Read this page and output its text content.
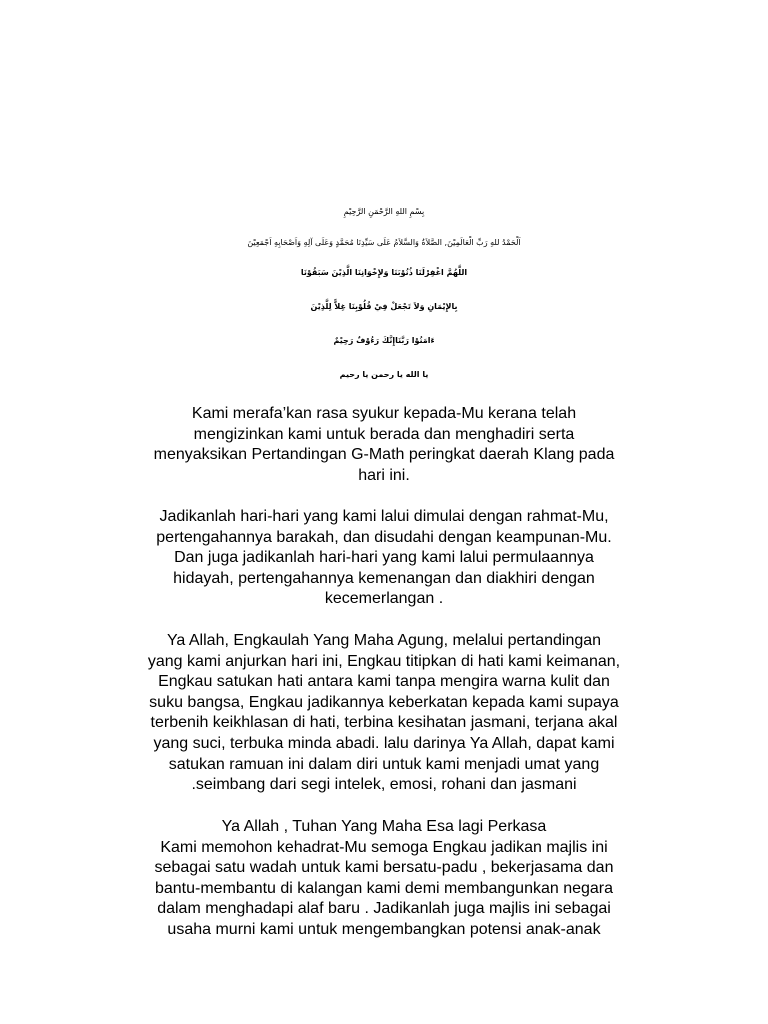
بِسْمِ اللهِ الرَّحْمَنِ الرَّحِيْمِ

اَلْحَمْدُ للهِ رَبِّ الْعَالَمِيْنَ, الصَّلاَةُ وَالسَّلاَمُ عَلَى سَيِّدِنَا مُحَمَّدٍ وَعَلَى آلِهِ وَاَصْحَابِهِ اَجْمَعِيْنَ

اللَّهُمَّ اغْفِرْلَنَا ذُنُوْبَنَا وَلإِخْوَانِنَا الَّذِيْنَ سَبَقُوْنَا
بِالإِيْمَانِ وَلاَ تَجْعَلْ فِيْ قُلُوْبِنَا غِلاًّ لِلَّذِيْنَ
ءَامَنُوْا رَبَّنَاإِنَّكَ رَءُوْفٌ رَحِيْمٌ
يا الله يا رحمن يا رحيم
Kami merafa’kan rasa syukur kepada-Mu kerana telah
mengizinkan kami untuk berada dan menghadiri serta
menyaksikan Pertandingan G-Math peringkat daerah Klang pada
hari ini.
Jadikanlah hari-hari yang kami lalui dimulai dengan rahmat-Mu,
pertengahannya barakah, dan disudahi dengan keampunan-Mu.
Dan juga jadikanlah hari-hari yang kami lalui permulaannya
hidayah, pertengahannya kemenangan dan diakhiri dengan
kecemerlangan .
Ya Allah, Engkaulah Yang Maha Agung, melalui pertandingan
yang kami anjurkan hari ini, Engkau titipkan di hati kami keimanan,
Engkau satukan hati antara kami tanpa mengira warna kulit dan
suku bangsa, Engkau jadikannya keberkatan kepada kami supaya
terbenih keikhlasan di hati, terbina kesihatan jasmani, terjana akal
yang suci, terbuka minda abadi. lalu darinya Ya Allah, dapat kami
satukan ramuan ini dalam diri untuk kami menjadi umat yang
.seimbang dari segi intelek, emosi, rohani dan jasmani
Ya Allah , Tuhan Yang Maha Esa lagi Perkasa
Kami memohon kehadrat-Mu semoga Engkau jadikan majlis ini
sebagai satu wadah untuk kami bersatu-padu , bekerjasama dan
bantu-membantu di kalangan kami demi membangunkan negara
dalam menghadapi alaf baru . Jadikanlah juga majlis ini sebagai
usaha murni kami untuk mengembangkan potensi anak-anak
